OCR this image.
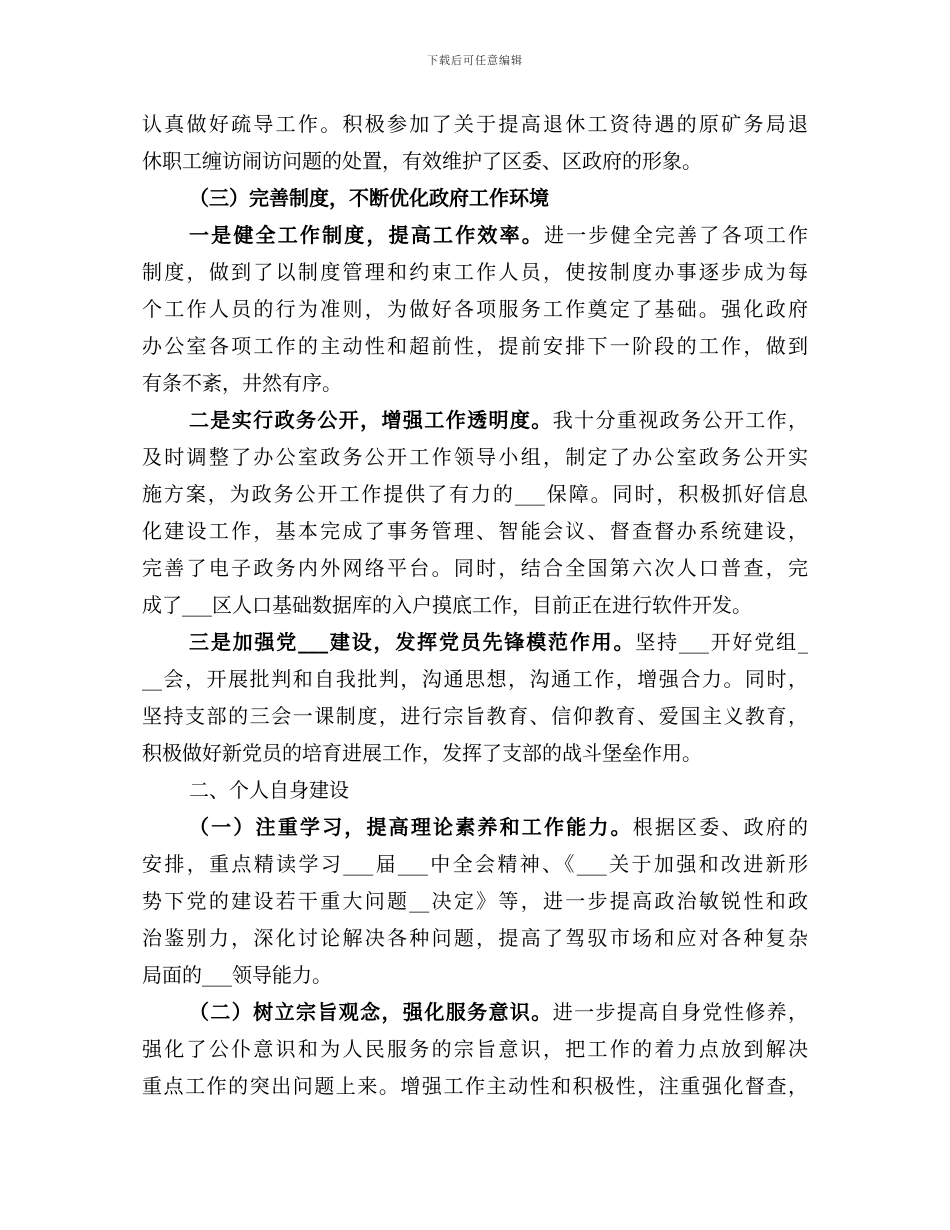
下载后可任意编辑
认真做好疏导工作。积极参加了关于提高退休工资待遇的原矿务局退
休职工缠访闹访问题的处置，有效维护了区委、区政府的形象。
（三）完善制度，不断优化政府工作环境
一是健全工作制度，提高工作效率。进一步健全完善了各项工作
制度，做到了以制度管理和约束工作人员，使按制度办事逐步成为每
个工作人员的行为准则，为做好各项服务工作奠定了基础。强化政府
办公室各项工作的主动性和超前性，提前安排下一阶段的工作，做到
有条不紊，井然有序。
二是实行政务公开，增强工作透明度。我十分重视政务公开工作，
及时调整了办公室政务公开工作领导小组，制定了办公室政务公开实
施方案，为政务公开工作提供了有力的___保障。同时，积极抓好信息
化建设工作，基本完成了事务管理、智能会议、督查督办系统建设，
完善了电子政务内外网络平台。同时，结合全国第六次人口普查，完
成了___区人口基础数据库的入户摸底工作，目前正在进行软件开发。
三是加强党___建设，发挥党员先锋模范作用。坚持___开好党组_
__会，开展批判和自我批判，沟通思想，沟通工作，增强合力。同时，
坚持支部的三会一课制度，进行宗旨教育、信仰教育、爱国主义教育，
积极做好新党员的培育进展工作，发挥了支部的战斗堡垒作用。
二、个人自身建设
（一）注重学习，提高理论素养和工作能力。根据区委、政府的
安排，重点精读学习___届___中全会精神、《___关于加强和改进新形
势下党的建设若干重大问题__决定》等，进一步提高政治敏锐性和政
治鉴别力，深化讨论解决各种问题，提高了驾驭市场和应对各种复杂
局面的___领导能力。
（二）树立宗旨观念，强化服务意识。进一步提高自身党性修养，
强化了公仆意识和为人民服务的宗旨意识，把工作的着力点放到解决
重点工作的突出问题上来。增强工作主动性和积极性，注重强化督查，
